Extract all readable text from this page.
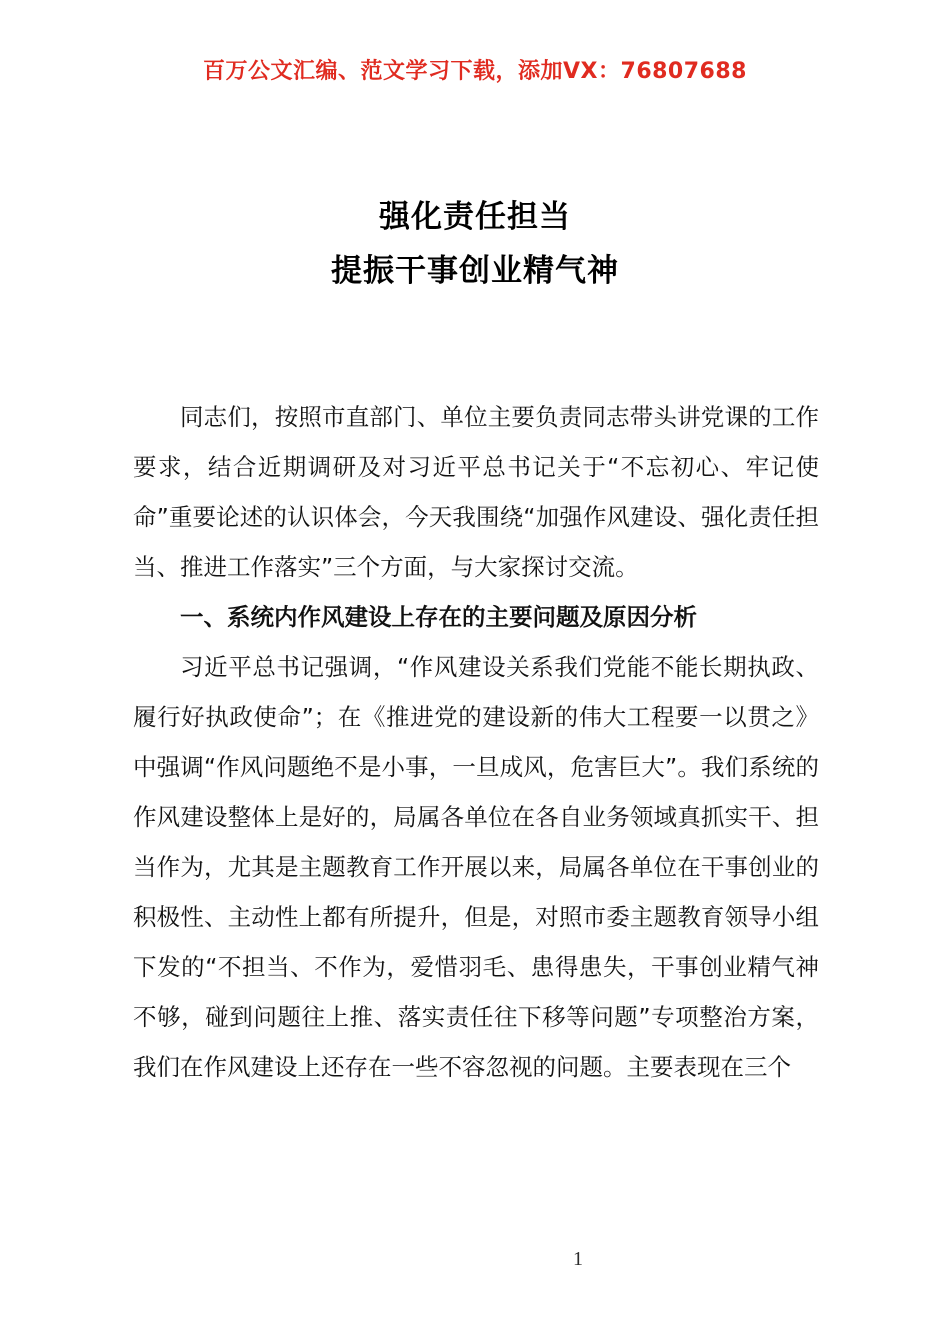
百万公文汇编、范文学习下载，添加VX：76807688
强化责任担当
提振干事创业精气神

同志们，按照市直部门、单位主要负责同志带头讲党课的工作要求，结合近期调研及对习近平总书记关于“不忘初心、牢记使命”重要论述的认识体会，今天我围绕“加强作风建设、强化责任担当、推进工作落实”三个方面，与大家探讨交流。

一、系统内作风建设上存在的主要问题及原因分析

习近平总书记强调，“作风建设关系我们党能不能长期执政、履行好执政使命”；在《推进党的建设新的伟大工程要一以贯之》中强调“作风问题绝不是小事，一旦成风，危害巨大”。我们系统的作风建设整体上是好的，局属各单位在各自业务领域真抓实干、担当作为，尤其是主题教育工作开展以来，局属各单位在干事创业的积极性、主动性上都有所提升，但是，对照市委主题教育领导小组下发的“不担当、不作为，爱惜羽毛、患得患失，干事创业精气神不够，碰到问题往上推、落实责任往下移等问题”专项整治方案，我们在作风建设上还存在一些不容忽视的问题。主要表现在三个

1
